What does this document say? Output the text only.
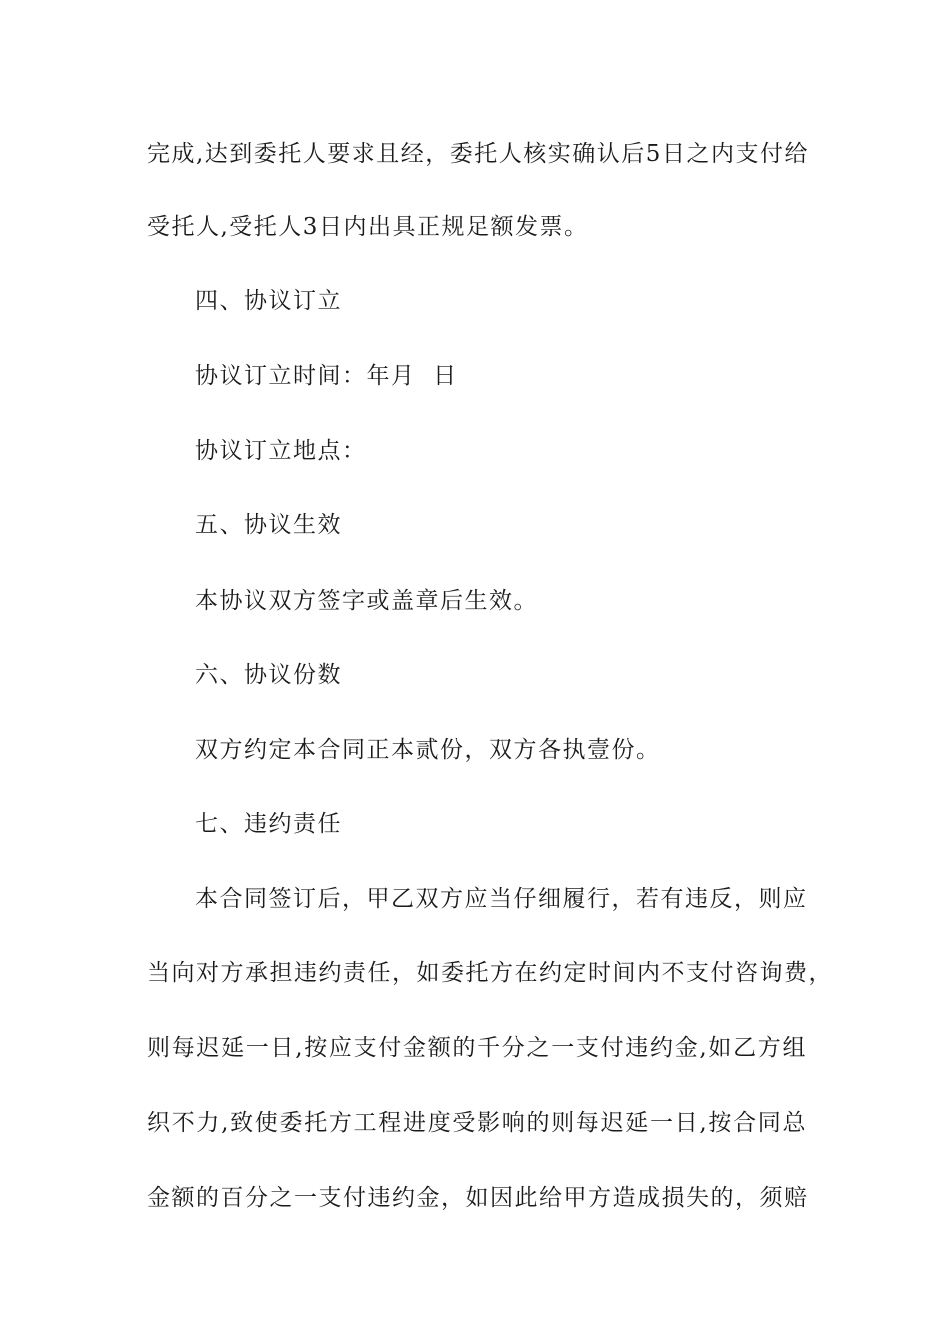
完成,达到委托人要求且经，委托人核实确认后5日之内支付给
受托人,受托人3日内出具正规足额发票。
四、协议订立
协议订立时间：年月  日
协议订立地点：
五、协议生效
本协议双方签字或盖章后生效。
六、协议份数
双方约定本合同正本贰份，双方各执壹份。
七、违约责任
本合同签订后，甲乙双方应当仔细履行，若有违反，则应
当向对方承担违约责任，如委托方在约定时间内不支付咨询费，
则每迟延一日,按应支付金额的千分之一支付违约金,如乙方组
织不力,致使委托方工程进度受影响的则每迟延一日,按合同总
金额的百分之一支付违约金，如因此给甲方造成损失的，须赔
